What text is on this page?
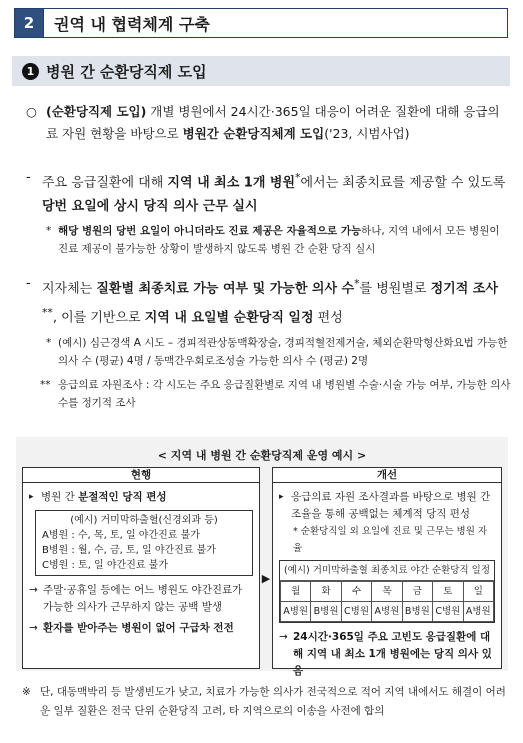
2	권역 내 협력체계 구축
1 병원 간 순환당직제 도입
○ (순환당직제 도입) 개별 병원에서 24시간·365일 대응이 어려운 질환에 대해 응급의료 자원 현황을 바탕으로 병원간 순환당직체계 도입('23, 시범사업)
- 주요 응급질환에 대해 지역 내 최소 1개 병원*에서는 최종치료를 제공할 수 있도록 당번 요일에 상시 당직 의사 근무 실시
* 해당 병원의 당번 요일이 아니더라도 진료 제공은 자율적으로 가능하나, 지역 내에서 모든 병원이 진료 제공이 불가능한 상황이 발생하지 않도록 병원 간 순환 당직 실시
- 지자체는 질환별 최종치료 가능 여부 및 가능한 의사 수*를 병원별로 정기적 조사**, 이를 기반으로 지역 내 요일별 순환당직 일정 편성
* (예시) 심근경색 A 시도 – 경피적관상동맥확장술, 경피적혈전제거술, 체외순환막형산화요법 가능한 의사 수 (평균) 4명 / 동맥간우회로조성술 가능한 의사 수 (평균) 2명
** 응급의료 자원조사 : 각 시도는 주요 응급질환별로 지역 내 병원별 수술·시술 가능 여부, 가능한 의사 수를 정기적 조사
< 지역 내 병원 간 순환당직제 운영 예시 >
현행
▸ 병원 간 분절적인 당직 편성
(예시) 거미막하출혈(신경외과 등)
A병원 : 수, 목, 토, 일 야간진료 불가
B병원 : 월, 수, 금, 토, 일 야간진료 불가
C병원 : 토, 일 야간진료 불가
→ 주말·공휴일 등에는 어느 병원도 야간진료가 가능한 의사가 근무하지 않는 공백 발생
→ 환자를 받아주는 병원이 없어 구급차 전전
▶
개선
▸ 응급의료 자원 조사결과를 바탕으로 병원 간 조율을 통해 공백없는 체계적 당직 편성
* 순환당직일 외 요일에 진료 및 근무는 병원 자율
(예시) 거미막하출혈 최종치료 야간 순환당직 일정
월	화	수	목	금	토	일
A병원	B병원	C병원	A병원	B병원	C병원	A병원
→ 24시간·365일 주요 고빈도 응급질환에 대해 지역 내 최소 1개 병원에는 당직 의사 있음
※ 단, 대동맥박리 등 발생빈도가 낮고, 치료가 가능한 의사가 전국적으로 적어 지역 내에서도 해결이 어려운 일부 질환은 전국 단위 순환당직 고려, 타 지역으로의 이송을 사전에 합의
